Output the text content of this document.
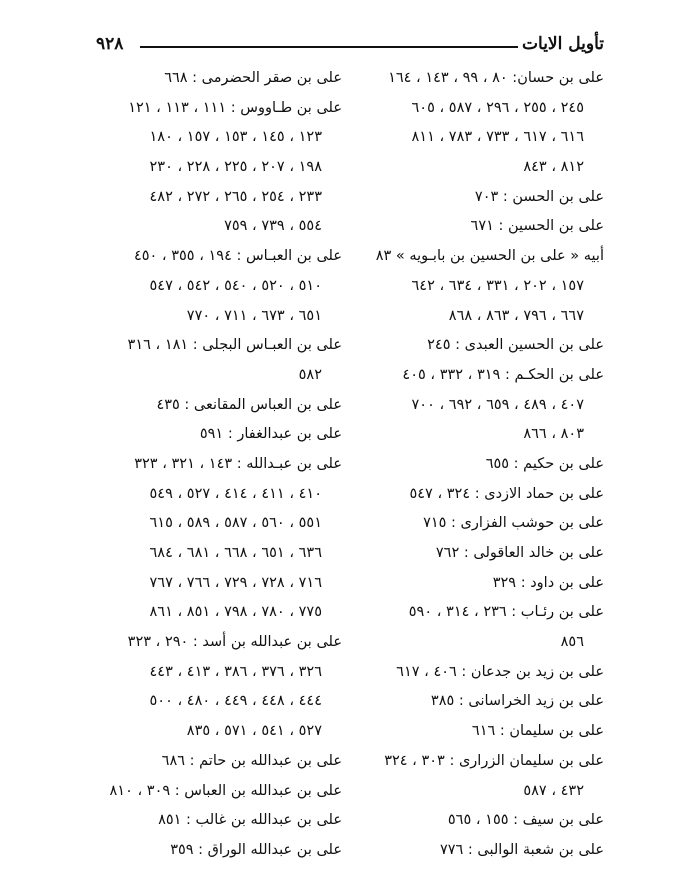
تأويل الايات
٩٢٨
على بن حسان: ٨٠ ، ٩٩ ، ١٤٣ ، ١٦٤
٢٤٥ ، ٢٥٥ ، ٢٩٦ ، ٥٨٧ ، ٦٠٥
٦١٦ ، ٦١٧ ، ٧٣٣ ، ٧٨٣ ، ٨١١
٨١٢ ، ٨٤٣
على بن الحسن : ٧٠٣
على بن الحسين : ٦٧١
أبيه « على بن الحسين بن بابـويه » ٨٣
١٥٧ ، ٢٠٢ ، ٣٣١ ، ٦٣٤ ، ٦٤٢
٦٦٧ ، ٧٩٦ ، ٨٦٣ ، ٨٦٨
على بن الحسين العبدى : ٢٤٥
على بن الحكـم : ٣١٩ ، ٣٣٢ ، ٤٠٥
٤٠٧ ، ٤٨٩ ، ٦٥٩ ، ٦٩٢ ، ٧٠٠
٨٠٣ ، ٨٦٦
على بن حكيم : ٦٥٥
على بن حماد الازدى : ٣٢٤ ، ٥٤٧
على بن حوشب الفزارى : ٧١٥
على بن خالد العاقولى : ٧٦٢
على بن داود : ٣٢٩
على بن رئـاب : ٢٣٦ ، ٣١٤ ، ٥٩٠
٨٥٦
على بن زيد بن جدعان : ٤٠٦ ، ٦١٧
على بن زيد الخراسانى : ٣٨٥
على بن سليمان : ٦١٦
على بن سليمان الزرارى : ٣٠٣ ، ٣٢٤
٤٣٢ ، ٥٨٧
على بن سيف : ١٥٥ ، ٥٦٥
على بن شعبة الوالبى : ٧٧٦
على بن صقر الحضرمى : ٦٦٨
على بن طـاووس : ١١١ ، ١١٣ ، ١٢١
١٢٣ ، ١٤٥ ، ١٥٣ ، ١٥٧ ، ١٨٠
١٩٨ ، ٢٠٧ ، ٢٢٥ ، ٢٢٨ ، ٢٣٠
٢٣٣ ، ٢٥٤ ، ٢٦٥ ، ٢٧٢ ، ٤٨٢
٥٥٤ ، ٧٣٩ ، ٧٥٩
على بن العبـاس : ١٩٤ ، ٣٥٥ ، ٤٥٠
٥١٠ ، ٥٢٠ ، ٥٤٠ ، ٥٤٢ ، ٥٤٧
٦٥١ ، ٦٧٣ ، ٧١١ ، ٧٧٠
على بن العبـاس البجلى : ١٨١ ، ٣١٦
٥٨٢
على بن العباس المقانعى : ٤٣٥
على بن عبدالغفار : ٥٩١
على بن عبـدالله : ١٤٣ ، ٣٢١ ، ٣٢٣
٤١٠ ، ٤١١ ، ٤١٤ ، ٥٢٧ ، ٥٤٩
٥٥١ ، ٥٦٠ ، ٥٨٧ ، ٥٨٩ ، ٦١٥
٦٣٦ ، ٦٥١ ، ٦٦٨ ، ٦٨١ ، ٦٨٤
٧١٦ ، ٧٢٨ ، ٧٢٩ ، ٧٦٦ ، ٧٦٧
٧٧٥ ، ٧٨٠ ، ٧٩٨ ، ٨٥١ ، ٨٦١
على بن عبدالله بن أسد : ٢٩٠ ، ٣٢٣
٣٢٦ ، ٣٧٦ ، ٣٨٦ ، ٤١٣ ، ٤٤٣
٤٤٤ ، ٤٤٨ ، ٤٤٩ ، ٤٨٠ ، ٥٠٠
٥٢٧ ، ٥٤١ ، ٥٧١ ، ٨٣٥
على بن عبدالله بن حاتم : ٦٨٦
على بن عبدالله بن العباس : ٣٠٩ ، ٨١٠
على بن عبدالله بن غالب : ٨٥١
على بن عبدالله الوراق : ٣٥٩
